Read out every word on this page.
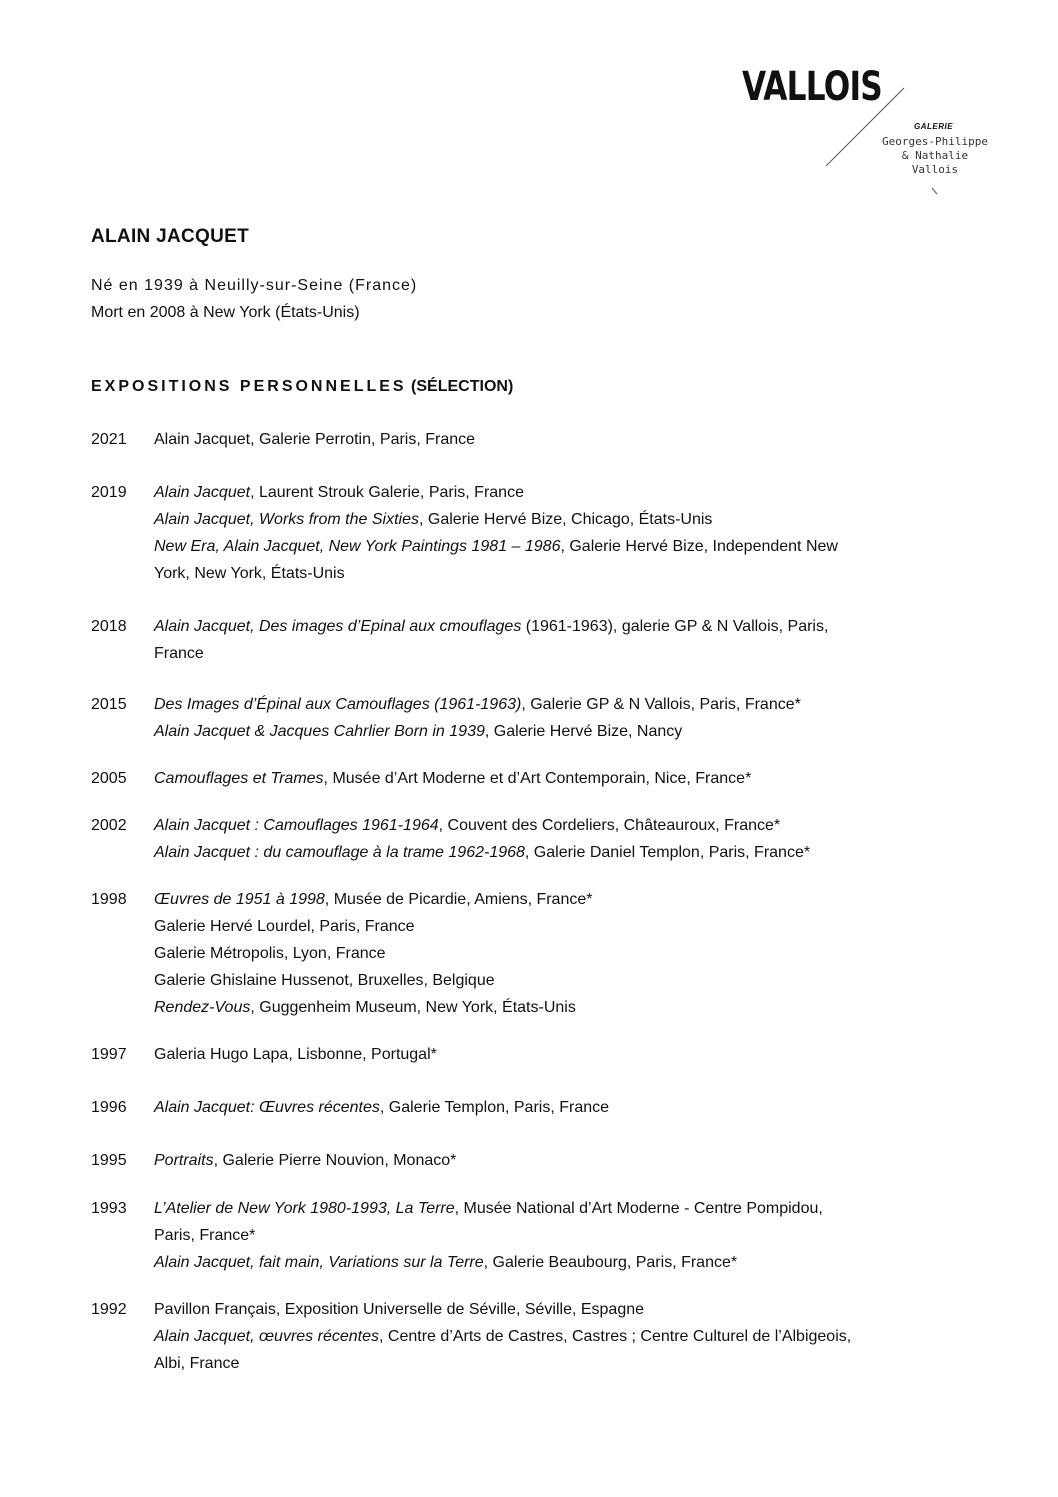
VALLOIS
GALERIE
Georges-Philippe
& Nathalie
Vallois
ALAIN JACQUET
Né en 1939 à Neuilly-sur-Seine (France)
Mort en 2008 à New York (États-Unis)
EXPOSITIONS PERSONNELLES (SÉLECTION)
2021	Alain Jacquet, Galerie Perrotin, Paris, France
2019	Alain Jacquet, Laurent Strouk Galerie, Paris, France
Alain Jacquet, Works from the Sixties, Galerie Hervé Bize, Chicago, États-Unis
New Era, Alain Jacquet, New York Paintings 1981 – 1986, Galerie Hervé Bize, Independent New
York, New York, États-Unis
2018	Alain Jacquet, Des images d’Epinal aux cmouflages (1961-1963), galerie GP & N Vallois, Paris,
France
2015	Des Images d’Épinal aux Camouflages (1961-1963), Galerie GP & N Vallois, Paris, France*
Alain Jacquet & Jacques Cahrlier Born in 1939, Galerie Hervé Bize, Nancy
2005	Camouflages et Trames, Musée d’Art Moderne et d’Art Contemporain, Nice, France*
2002	Alain Jacquet : Camouflages 1961-1964, Couvent des Cordeliers, Châteauroux, France*
Alain Jacquet : du camouflage à la trame 1962-1968, Galerie Daniel Templon, Paris, France*
1998	Œuvres de 1951 à 1998, Musée de Picardie, Amiens, France*
Galerie Hervé Lourdel, Paris, France
Galerie Métropolis, Lyon, France
Galerie Ghislaine Hussenot, Bruxelles, Belgique
Rendez-Vous, Guggenheim Museum, New York, États-Unis
1997	Galeria Hugo Lapa, Lisbonne, Portugal*
1996	Alain Jacquet: Œuvres récentes, Galerie Templon, Paris, France
1995	Portraits, Galerie Pierre Nouvion, Monaco*
1993	L’Atelier de New York 1980-1993, La Terre, Musée National d’Art Moderne - Centre Pompidou,
Paris, France*
Alain Jacquet, fait main, Variations sur la Terre, Galerie Beaubourg, Paris, France*
1992	Pavillon Français, Exposition Universelle de Séville, Séville, Espagne
Alain Jacquet, œuvres récentes, Centre d’Arts de Castres, Castres ; Centre Culturel de l’Albigeois,
Albi, France
